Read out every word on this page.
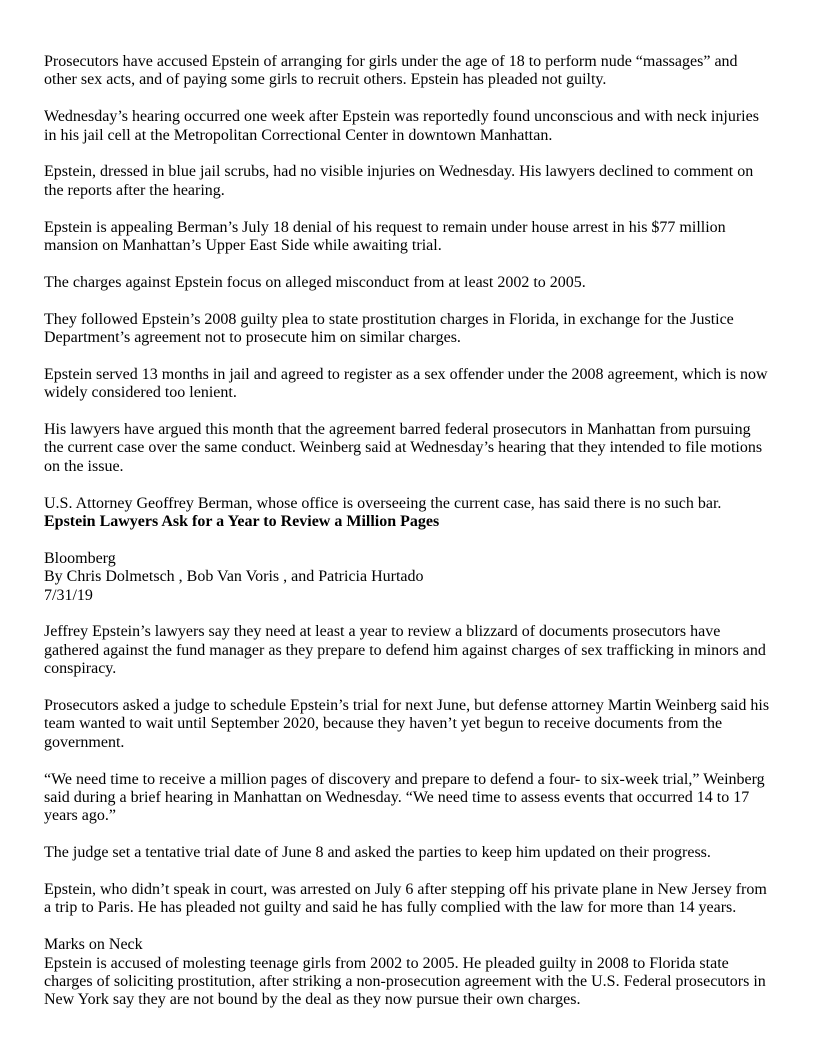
Prosecutors have accused Epstein of arranging for girls under the age of 18 to perform nude “massages” and other sex acts, and of paying some girls to recruit others. Epstein has pleaded not guilty.

Wednesday’s hearing occurred one week after Epstein was reportedly found unconscious and with neck injuries in his jail cell at the Metropolitan Correctional Center in downtown Manhattan.

Epstein, dressed in blue jail scrubs, had no visible injuries on Wednesday. His lawyers declined to comment on the reports after the hearing.

Epstein is appealing Berman’s July 18 denial of his request to remain under house arrest in his $77 million mansion on Manhattan’s Upper East Side while awaiting trial.

The charges against Epstein focus on alleged misconduct from at least 2002 to 2005.

They followed Epstein’s 2008 guilty plea to state prostitution charges in Florida, in exchange for the Justice Department’s agreement not to prosecute him on similar charges.

Epstein served 13 months in jail and agreed to register as a sex offender under the 2008 agreement, which is now widely considered too lenient.

His lawyers have argued this month that the agreement barred federal prosecutors in Manhattan from pursuing the current case over the same conduct. Weinberg said at Wednesday’s hearing that they intended to file motions on the issue.

U.S. Attorney Geoffrey Berman, whose office is overseeing the current case, has said there is no such bar.
Epstein Lawyers Ask for a Year to Review a Million Pages

Bloomberg
By Chris Dolmetsch , Bob Van Voris , and Patricia Hurtado
7/31/19

Jeffrey Epstein’s lawyers say they need at least a year to review a blizzard of documents prosecutors have gathered against the fund manager as they prepare to defend him against charges of sex trafficking in minors and conspiracy.

Prosecutors asked a judge to schedule Epstein’s trial for next June, but defense attorney Martin Weinberg said his team wanted to wait until September 2020, because they haven’t yet begun to receive documents from the government.

“We need time to receive a million pages of discovery and prepare to defend a four- to six-week trial,” Weinberg said during a brief hearing in Manhattan on Wednesday. “We need time to assess events that occurred 14 to 17 years ago.”

The judge set a tentative trial date of June 8 and asked the parties to keep him updated on their progress.

Epstein, who didn’t speak in court, was arrested on July 6 after stepping off his private plane in New Jersey from a trip to Paris. He has pleaded not guilty and said he has fully complied with the law for more than 14 years.

Marks on Neck
Epstein is accused of molesting teenage girls from 2002 to 2005. He pleaded guilty in 2008 to Florida state charges of soliciting prostitution, after striking a non-prosecution agreement with the U.S. Federal prosecutors in New York say they are not bound by the deal as they now pursue their own charges.
